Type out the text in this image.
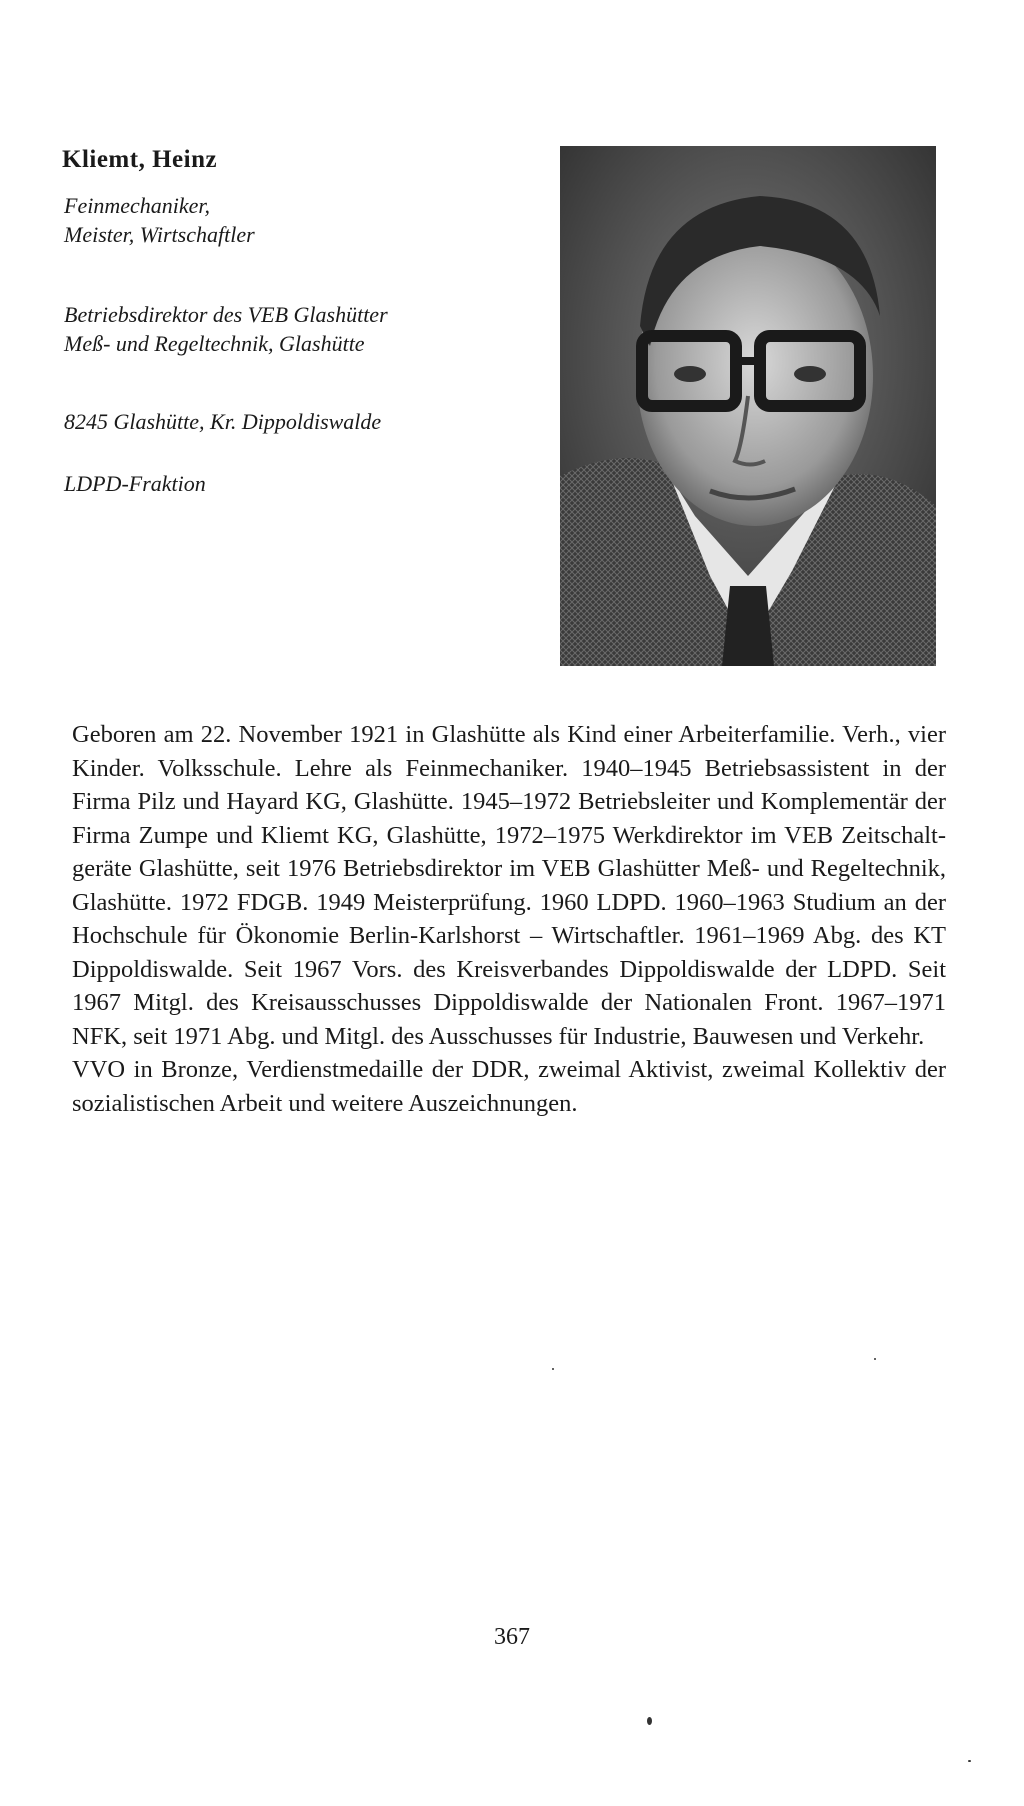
Kliemt, Heinz
Feinmechaniker,
Meister, Wirtschaftler
Betriebsdirektor des VEB Glashütter
Meß- und Regeltechnik, Glashütte
8245 Glashütte, Kr. Dippoldiswalde
LDPD-Fraktion

Geboren am 22. November 1921 in Glashütte als Kind einer Arbeiterfamilie. Verh., vier Kinder. Volksschule. Lehre als Feinmechaniker. 1940–1945 Betriebsassistent in der Firma Pilz und Hayard KG, Glashütte. 1945–1972 Betriebsleiter und Komplementär der Firma Zumpe und Kliemt KG, Glashütte, 1972–1975 Werkdirektor im VEB Zeitschaltgeräte Glashütte, seit 1976 Betriebsdirektor im VEB Glashütter Meß- und Regeltechnik, Glashütte. 1972 FDGB. 1949 Meisterprüfung. 1960 LDPD. 1960–1963 Studium an der Hochschule für Ökonomie Berlin-Karlshorst – Wirtschaftler. 1961–1969 Abg. des KT Dippoldiswalde. Seit 1967 Vors. des Kreisverbandes Dippoldiswalde der LDPD. Seit 1967 Mitgl. des Kreisausschusses Dippoldiswalde der Nationalen Front. 1967–1971 NFK, seit 1971 Abg. und Mitgl. des Ausschusses für Industrie, Bauwesen und Verkehr.

VVO in Bronze, Verdienstmedaille der DDR, zweimal Aktivist, zweimal Kollektiv der sozialistischen Arbeit und weitere Auszeichnungen.

367
